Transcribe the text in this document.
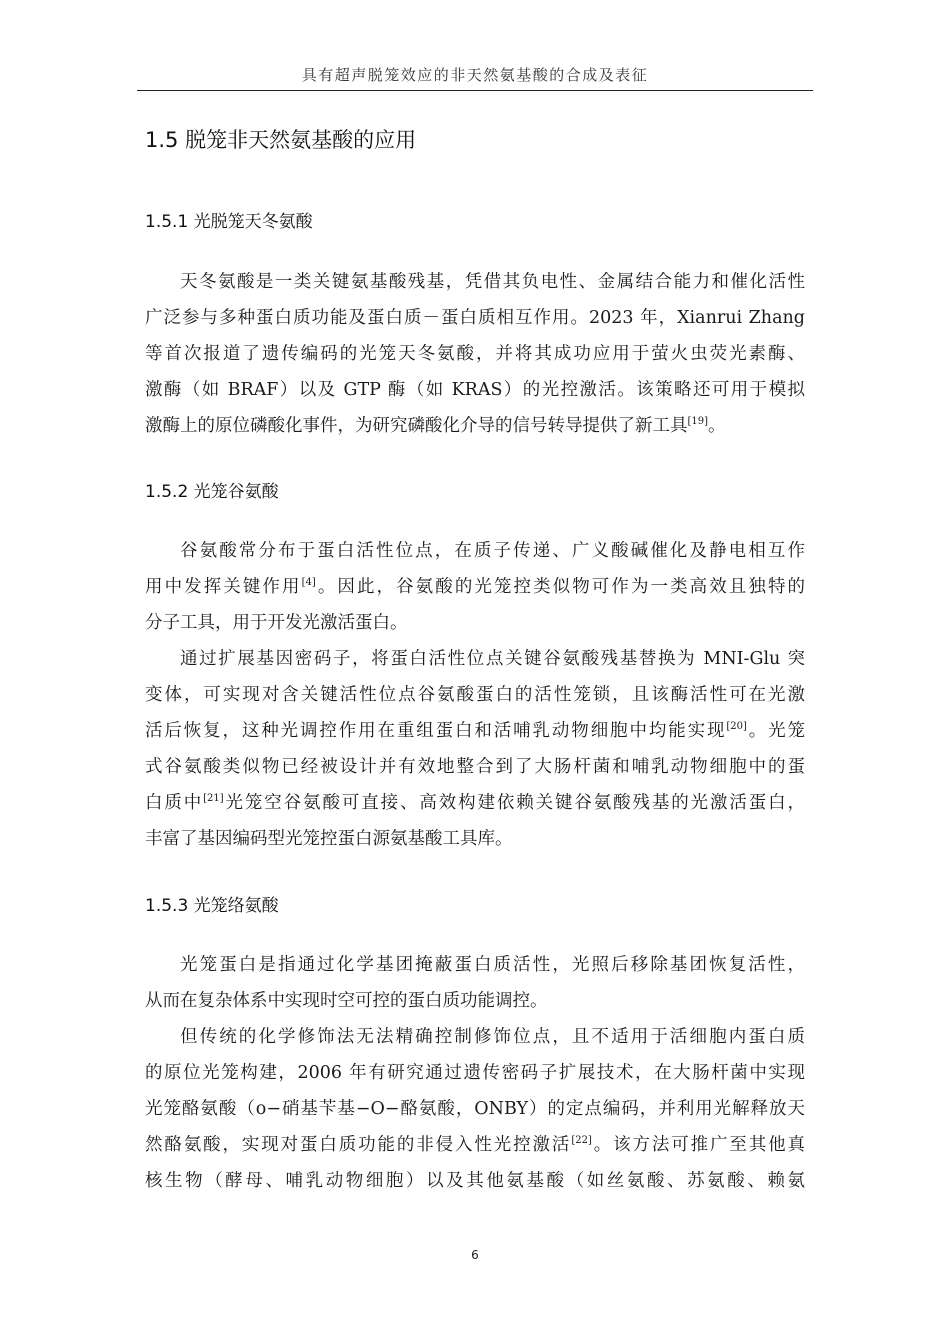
具有超声脱笼效应的非天然氨基酸的合成及表征
1.5 脱笼非天然氨基酸的应用
1.5.1 光脱笼天冬氨酸
天冬氨酸是一类关键氨基酸残基，凭借其负电性、金属结合能力和催化活性
广泛参与多种蛋白质功能及蛋白质－蛋白质相互作用。2023 年，Xianrui Zhang
等首次报道了遗传编码的光笼天冬氨酸，并将其成功应用于萤火虫荧光素酶、
激酶（如 BRAF）以及 GTP 酶（如 KRAS）的光控激活。该策略还可用于模拟
激酶上的原位磷酸化事件，为研究磷酸化介导的信号转导提供了新工具[19]。
1.5.2 光笼谷氨酸
谷氨酸常分布于蛋白活性位点，在质子传递、广义酸碱催化及静电相互作
用中发挥关键作用[4]。因此，谷氨酸的光笼控类似物可作为一类高效且独特的
分子工具，用于开发光激活蛋白。
通过扩展基因密码子，将蛋白活性位点关键谷氨酸残基替换为 MNI-Glu 突
变体，可实现对含关键活性位点谷氨酸蛋白的活性笼锁，且该酶活性可在光激
活后恢复，这种光调控作用在重组蛋白和活哺乳动物细胞中均能实现[20]。光笼
式谷氨酸类似物已经被设计并有效地整合到了大肠杆菌和哺乳动物细胞中的蛋
白质中[21]光笼空谷氨酸可直接、高效构建依赖关键谷氨酸残基的光激活蛋白，
丰富了基因编码型光笼控蛋白源氨基酸工具库。
1.5.3 光笼络氨酸
光笼蛋白是指通过化学基团掩蔽蛋白质活性，光照后移除基团恢复活性，
从而在复杂体系中实现时空可控的蛋白质功能调控。
但传统的化学修饰法无法精确控制修饰位点，且不适用于活细胞内蛋白质
的原位光笼构建，2006 年有研究通过遗传密码子扩展技术，在大肠杆菌中实现
光笼酪氨酸（o−硝基苄基−O−酪氨酸，ONBY）的定点编码，并利用光解释放天
然酪氨酸，实现对蛋白质功能的非侵入性光控激活[22]。该方法可推广至其他真
核生物（酵母、哺乳动物细胞）以及其他氨基酸（如丝氨酸、苏氨酸、赖氨
6
